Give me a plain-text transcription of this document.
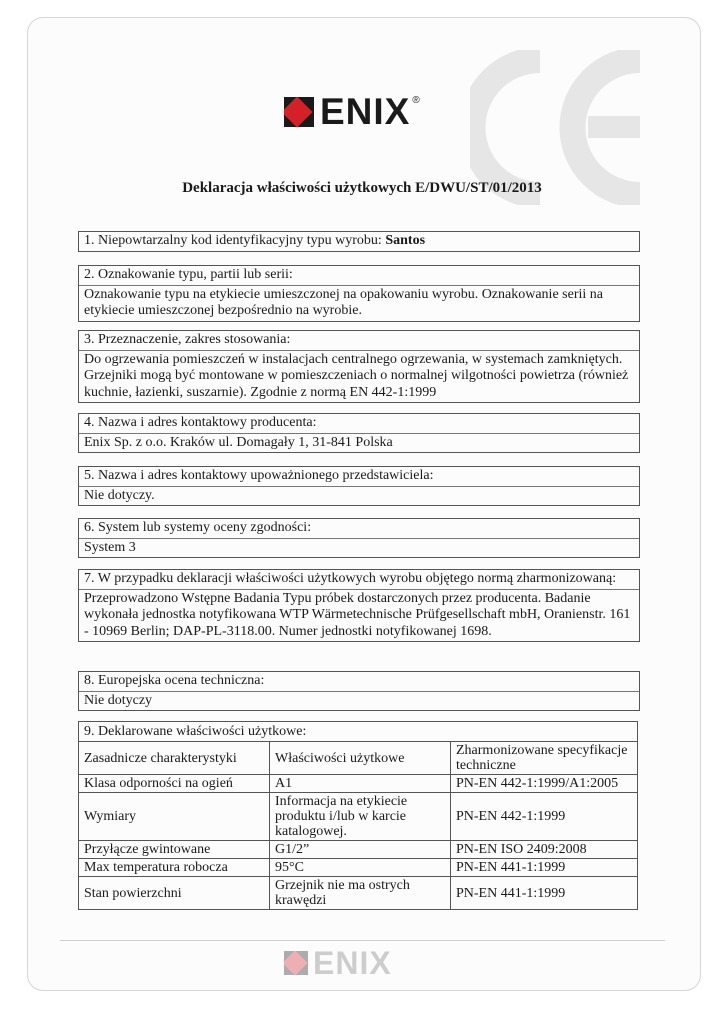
ENIX ®
Deklaracja właściwości użytkowych E/DWU/ST/01/2013
1. Niepowtarzalny kod identyfikacyjny typu wyrobu: Santos
2. Oznakowanie typu, partii lub serii:
Oznakowanie typu na etykiecie umieszczonej na opakowaniu wyrobu. Oznakowanie serii na etykiecie umieszczonej bezpośrednio na wyrobie.
3. Przeznaczenie, zakres stosowania:
Do ogrzewania pomieszczeń w instalacjach centralnego ogrzewania, w systemach zamkniętych. Grzejniki mogą być montowane w pomieszczeniach o normalnej wilgotności powietrza (również kuchnie, łazienki, suszarnie). Zgodnie z normą EN 442-1:1999
4. Nazwa i adres kontaktowy producenta:
Enix Sp. z o.o. Kraków ul. Domagały 1, 31-841 Polska
5. Nazwa i adres kontaktowy upoważnionego przedstawiciela:
Nie dotyczy.
6. System lub systemy oceny zgodności:
System 3
7. W przypadku deklaracji właściwości użytkowych wyrobu objętego normą zharmonizowaną:
Przeprowadzono Wstępne Badania Typu próbek dostarczonych przez producenta. Badanie wykonała jednostka notyfikowana WTP Wärmetechnische Prüfgesellschaft mbH, Oranienstr. 161 - 10969 Berlin; DAP-PL-3118.00. Numer jednostki notyfikowanej 1698.
8. Europejska ocena techniczna:
Nie dotyczy
9. Deklarowane właściwości użytkowe:		
Zasadnicze charakterystyki	Właściwości użytkowe	Zharmonizowane specyfikacje techniczne
Klasa odporności na ogień	A1	PN-EN 442-1:1999/A1:2005
Wymiary	Informacja na etykiecie produktu i/lub w karcie katalogowej.	PN-EN 442-1:1999
Przyłącze gwintowane	G1/2”	PN-EN ISO 2409:2008
Max temperatura robocza	95°C	PN-EN 441-1:1999
Stan powierzchni	Grzejnik nie ma ostrych krawędzi	PN-EN 441-1:1999
ENIX
